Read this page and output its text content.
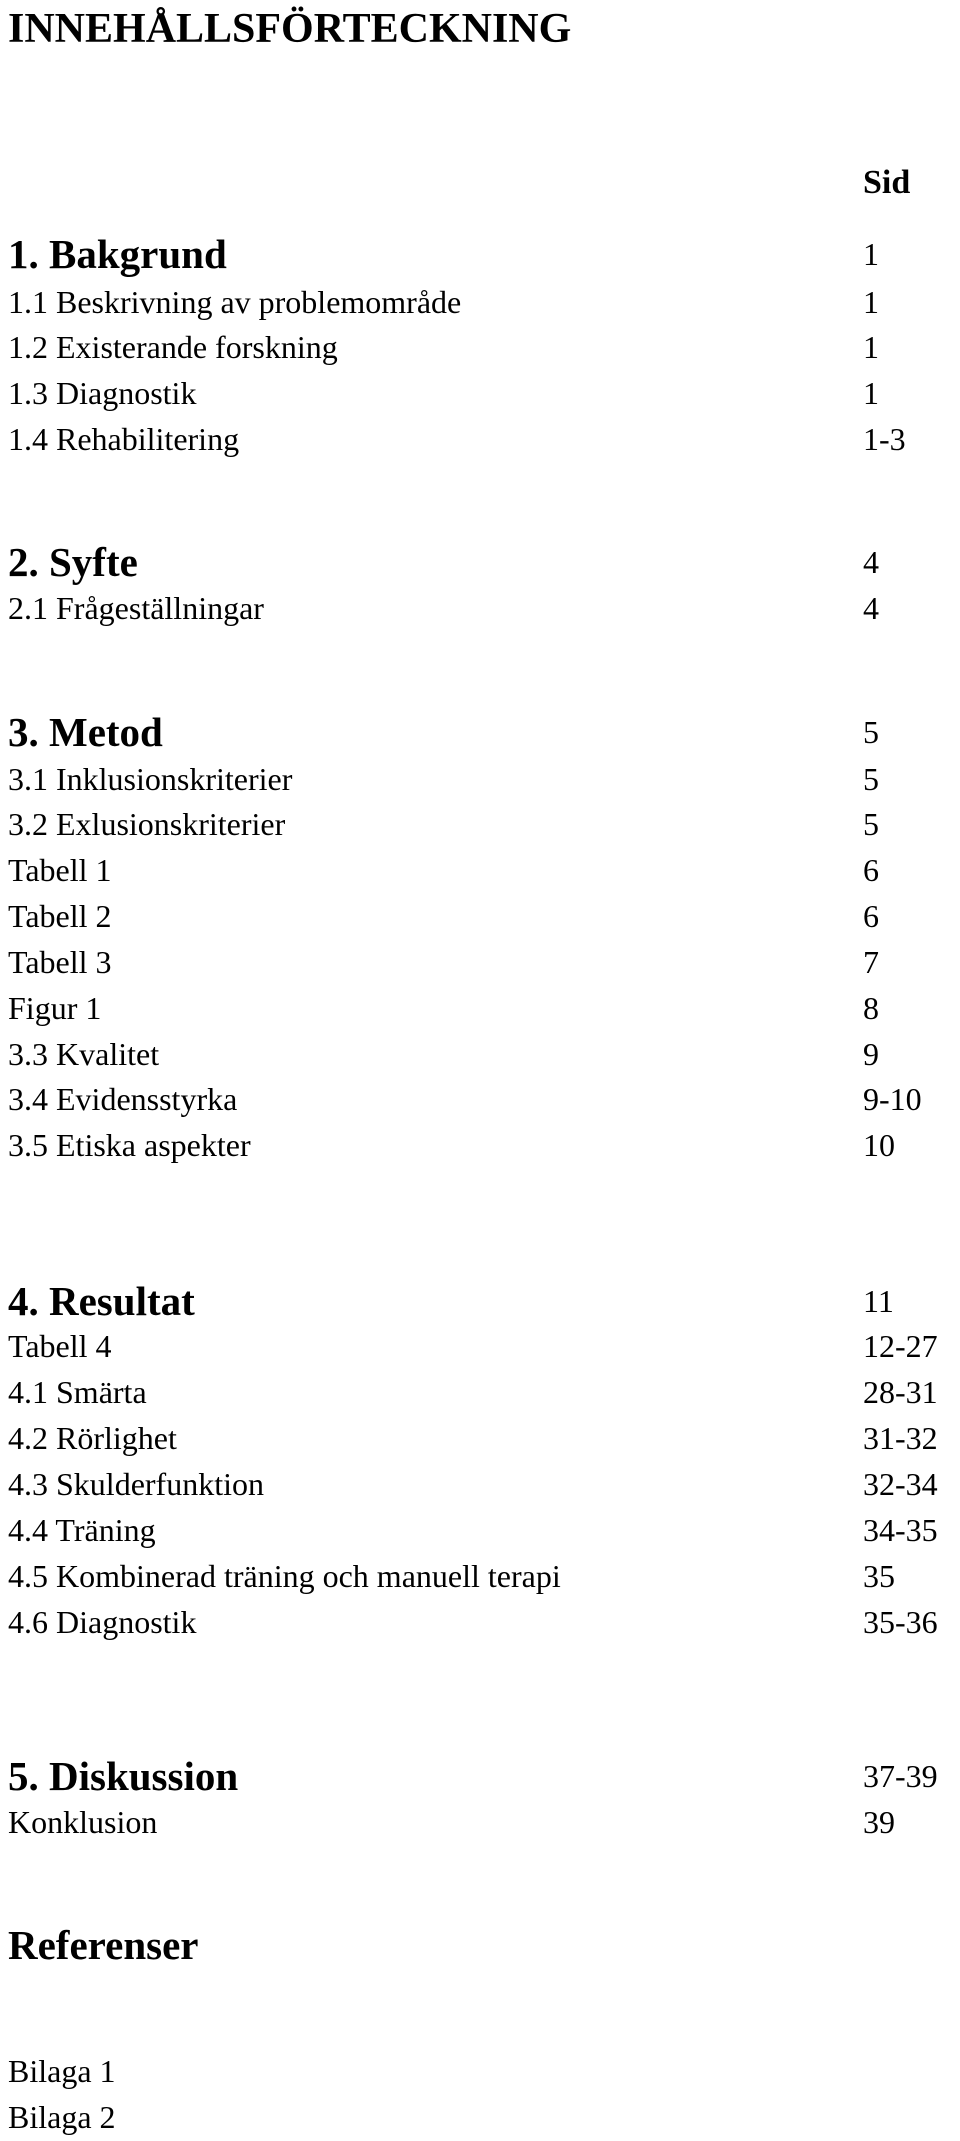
INNEHÅLLSFÖRTECKNING
Sid
1. Bakgrund	1
1.1 Beskrivning av problemområde	1
1.2 Existerande forskning	1
1.3 Diagnostik	1
1.4 Rehabilitering	1-3
2. Syfte	4
2.1 Frågeställningar	4
3. Metod	5
3.1 Inklusionskriterier	5
3.2 Exlusionskriterier	5
Tabell 1	6
Tabell 2	6
Tabell 3	7
Figur 1	8
3.3 Kvalitet	9
3.4 Evidensstyrka	9-10
3.5 Etiska aspekter	10
4. Resultat	11
Tabell 4	12-27
4.1 Smärta	28-31
4.2 Rörlighet	31-32
4.3 Skulderfunktion	32-34
4.4 Träning	34-35
4.5 Kombinerad träning och manuell terapi	35
4.6 Diagnostik	35-36
5. Diskussion	37-39
Konklusion	39
Referenser
Bilaga 1
Bilaga 2
